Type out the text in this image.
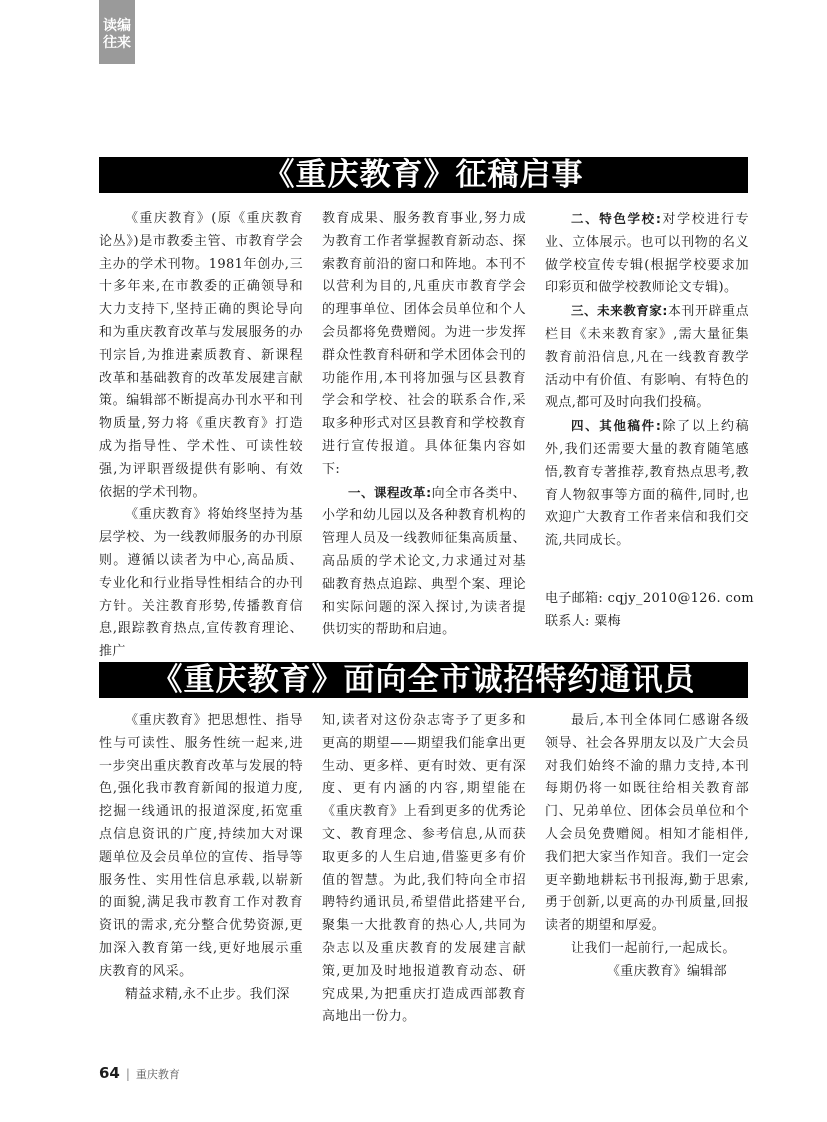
读编
往来
《重庆教育》征稿启事

《重庆教育》(原《重庆教育论丛》)是市教委主管、市教育学会主办的学术刊物。1981年创办,三十多年来,在市教委的正确领导和大力支持下,坚持正确的舆论导向和为重庆教育改革与发展服务的办刊宗旨,为推进素质教育、新课程改革和基础教育的改革发展建言献策。编辑部不断提高办刊水平和刊物质量,努力将《重庆教育》打造成为指导性、学术性、可读性较强,为评职晋级提供有影响、有效依据的学术刊物。

《重庆教育》将始终坚持为基层学校、为一线教师服务的办刊原则。遵循以读者为中心,高品质、专业化和行业指导性相结合的办刊方针。关注教育形势,传播教育信息,跟踪教育热点,宣传教育理论、推广

教育成果、服务教育事业,努力成为教育工作者掌握教育新动态、探索教育前沿的窗口和阵地。本刊不以营利为目的,凡重庆市教育学会的理事单位、团体会员单位和个人会员都将免费赠阅。为进一步发挥群众性教育科研和学术团体会刊的功能作用,本刊将加强与区县教育学会和学校、社会的联系合作,采取多种形式对区县教育和学校教育进行宣传报道。具体征集内容如下:

一、课程改革:向全市各类中、小学和幼儿园以及各种教育机构的管理人员及一线教师征集高质量、高品质的学术论文,力求通过对基础教育热点追踪、典型个案、理论和实际问题的深入探讨,为读者提供切实的帮助和启迪。

二、特色学校:对学校进行专业、立体展示。也可以刊物的名义做学校宣传专辑(根据学校要求加印彩页和做学校教师论文专辑)。

三、未来教育家:本刊开辟重点栏目《未来教育家》,需大量征集教育前沿信息,凡在一线教育教学活动中有价值、有影响、有特色的观点,都可及时向我们投稿。

四、其他稿件:除了以上约稿外,我们还需要大量的教育随笔感悟,教育专著推荐,教育热点思考,教育人物叙事等方面的稿件,同时,也欢迎广大教育工作者来信和我们交流,共同成长。

电子邮箱: cqjy_2010@126. com
联系人: 粟梅
《重庆教育》面向全市诚招特约通讯员

《重庆教育》把思想性、指导性与可读性、服务性统一起来,进一步突出重庆教育改革与发展的特色,强化我市教育新闻的报道力度,挖掘一线通讯的报道深度,拓宽重点信息资讯的广度,持续加大对课题单位及会员单位的宣传、指导等服务性、实用性信息承载,以崭新的面貌,满足我市教育工作对教育资讯的需求,充分整合优势资源,更加深入教育第一线,更好地展示重庆教育的风采。

精益求精,永不止步。我们深

知,读者对这份杂志寄予了更多和更高的期望——期望我们能拿出更生动、更多样、更有时效、更有深度、更有内涵的内容,期望能在《重庆教育》上看到更多的优秀论文、教育理念、参考信息,从而获取更多的人生启迪,借鉴更多有价值的智慧。为此,我们特向全市招聘特约通讯员,希望借此搭建平台,聚集一大批教育的热心人,共同为杂志以及重庆教育的发展建言献策,更加及时地报道教育动态、研究成果,为把重庆打造成西部教育高地出一份力。

最后,本刊全体同仁感谢各级领导、社会各界朋友以及广大会员对我们始终不渝的鼎力支持,本刊每期仍将一如既往给相关教育部门、兄弟单位、团体会员单位和个人会员免费赠阅。相知才能相伴,我们把大家当作知音。我们一定会更辛勤地耕耘书刊报海,勤于思索,勇于创新,以更高的办刊质量,回报读者的期望和厚爱。

让我们一起前行,一起成长。

《重庆教育》编辑部

64 | 重庆教育
